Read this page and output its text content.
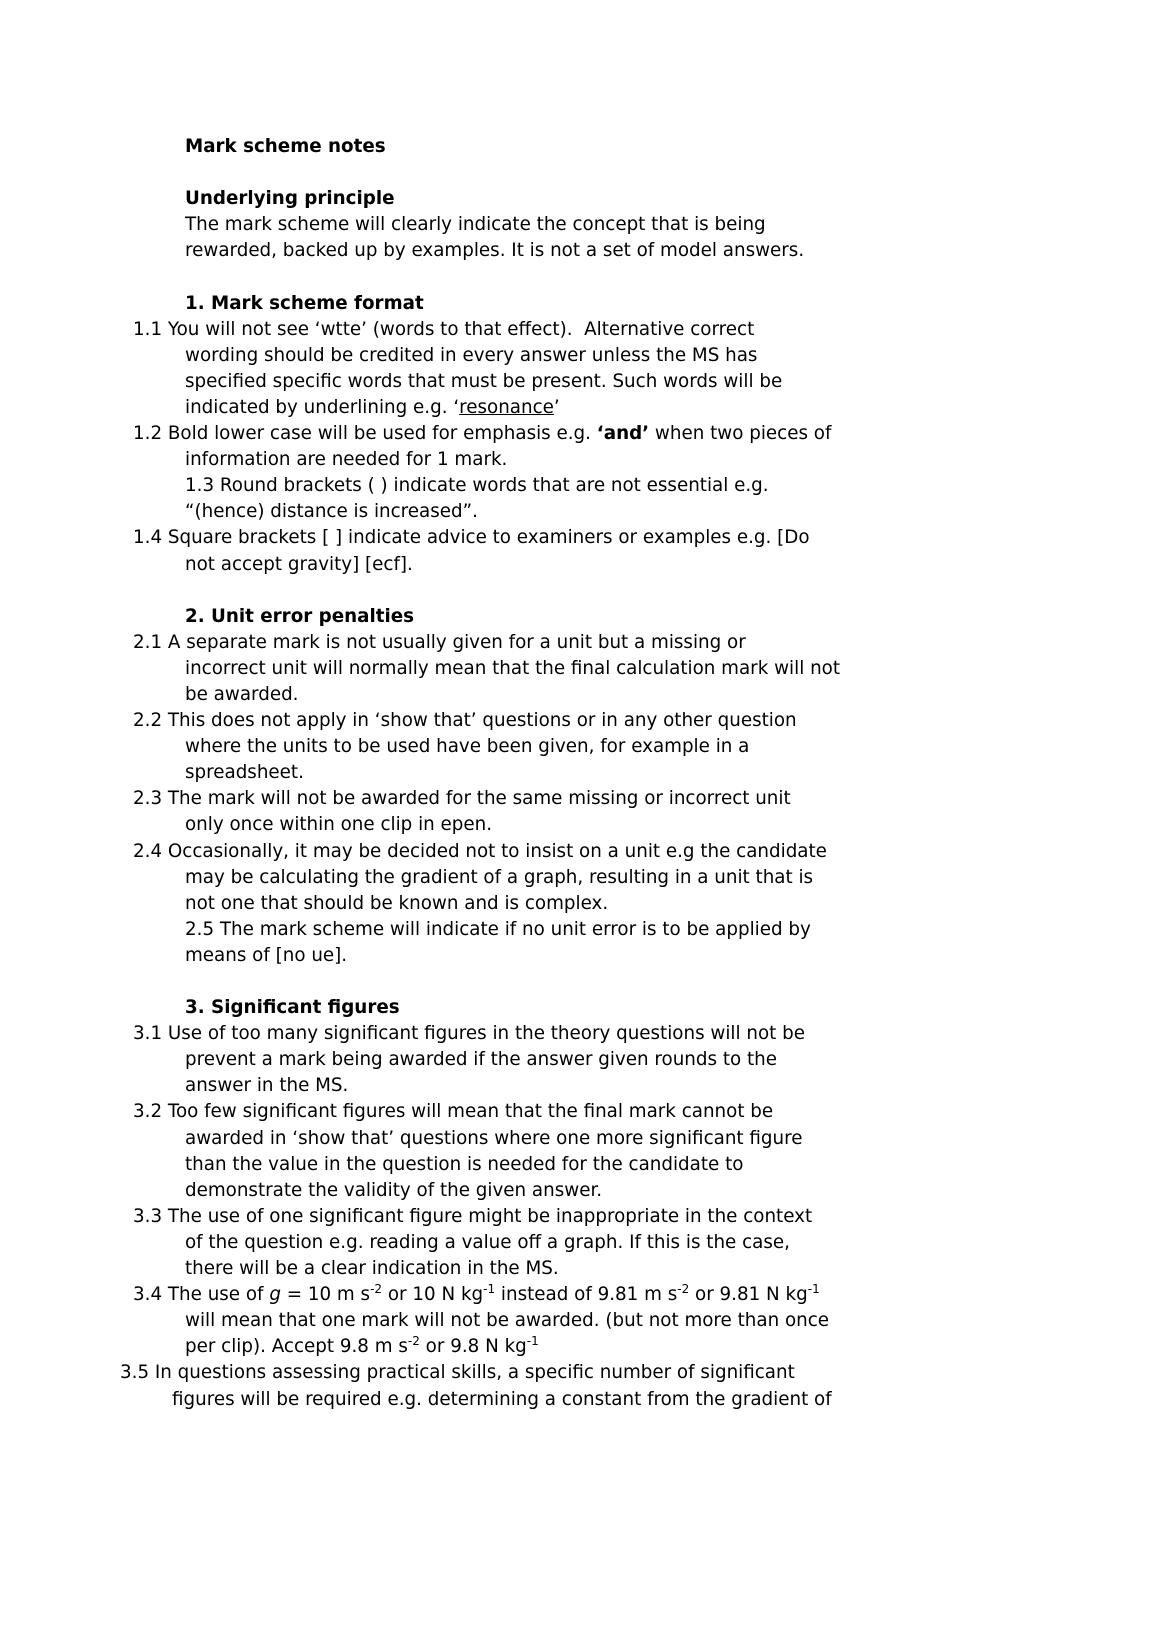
Mark scheme notes
Underlying principle
The mark scheme will clearly indicate the concept that is being
rewarded, backed up by examples. It is not a set of model answers.
1. Mark scheme format
1.1 You will not see ‘wtte’ (words to that effect).  Alternative correct
wording should be credited in every answer unless the MS has
specified specific words that must be present. Such words will be
indicated by underlining e.g. ‘resonance’
1.2 Bold lower case will be used for emphasis e.g. ‘and’ when two pieces of
information are needed for 1 mark.
1.3 Round brackets ( ) indicate words that are not essential e.g.
“(hence) distance is increased”.
1.4 Square brackets [ ] indicate advice to examiners or examples e.g. [Do
not accept gravity] [ecf].
2. Unit error penalties
2.1 A separate mark is not usually given for a unit but a missing or
incorrect unit will normally mean that the final calculation mark will not
be awarded.
2.2 This does not apply in ‘show that’ questions or in any other question
where the units to be used have been given, for example in a
spreadsheet.
2.3 The mark will not be awarded for the same missing or incorrect unit
only once within one clip in epen.
2.4 Occasionally, it may be decided not to insist on a unit e.g the candidate
may be calculating the gradient of a graph, resulting in a unit that is
not one that should be known and is complex.
2.5 The mark scheme will indicate if no unit error is to be applied by
means of [no ue].
3. Significant figures
3.1 Use of too many significant figures in the theory questions will not be
prevent a mark being awarded if the answer given rounds to the
answer in the MS.
3.2 Too few significant figures will mean that the final mark cannot be
awarded in ‘show that’ questions where one more significant figure
than the value in the question is needed for the candidate to
demonstrate the validity of the given answer.
3.3 The use of one significant figure might be inappropriate in the context
of the question e.g. reading a value off a graph. If this is the case,
there will be a clear indication in the MS.
3.4 The use of g = 10 m $s^{-2}$ or 10 N $kg^{-1}$ instead of 9.81 m $s^{-2}$ or 9.81 N $kg^{-1}$
will mean that one mark will not be awarded. (but not more than once
per clip). Accept 9.8 m $s^{-2}$ or 9.8 N $kg^{-1}$
3.5 In questions assessing practical skills, a specific number of significant
figures will be required e.g. determining a constant from the gradient of
